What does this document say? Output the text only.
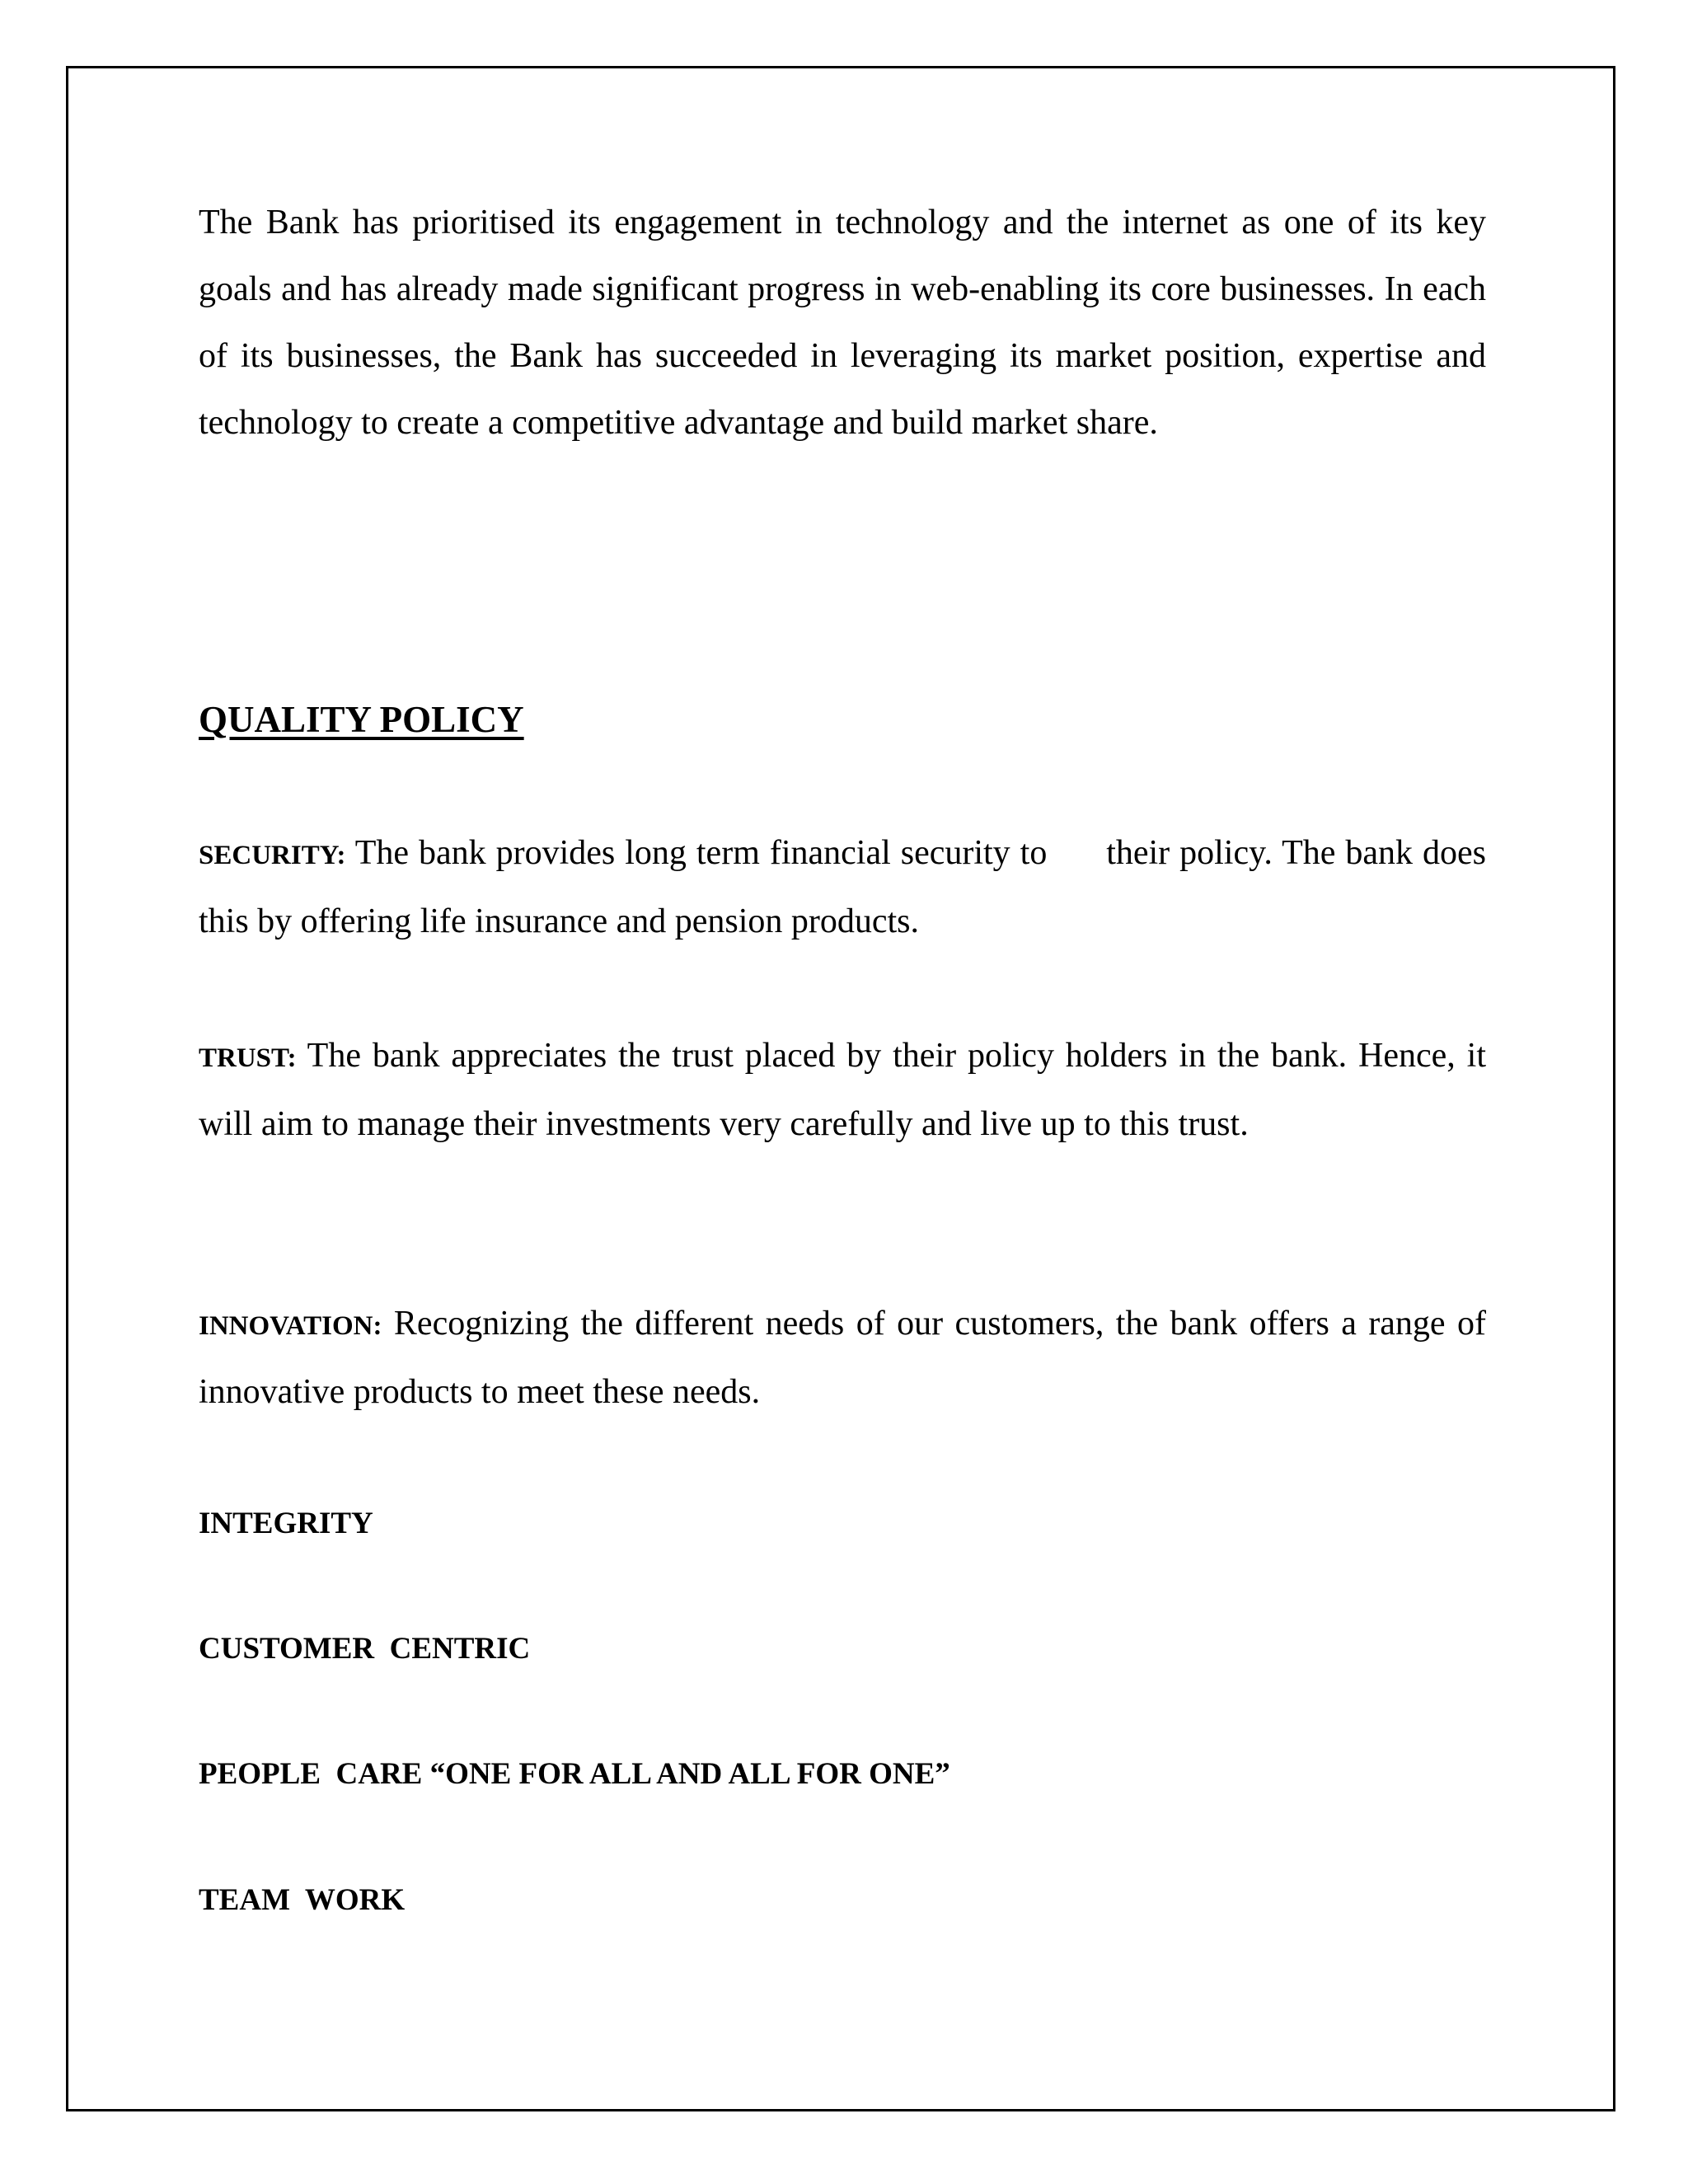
The Bank has prioritised its engagement in technology and the internet as one of its key goals and has already made significant progress in web-enabling its core businesses. In each of its businesses, the Bank has succeeded in leveraging its market position, expertise and technology to create a competitive advantage and build market share.

QUALITY POLICY

SECURITY: The bank provides long term financial security to      their policy. The bank does this by offering life insurance and pension products.

TRUST: The bank appreciates the trust placed by their policy holders in the bank. Hence, it will aim to manage their investments very carefully and live up to this trust.

INNOVATION: Recognizing the different needs of our customers, the bank offers a range of innovative products to meet these needs.

INTEGRITY

CUSTOMER  CENTRIC

PEOPLE  CARE “ONE FOR ALL AND ALL FOR ONE”

TEAM  WORK
